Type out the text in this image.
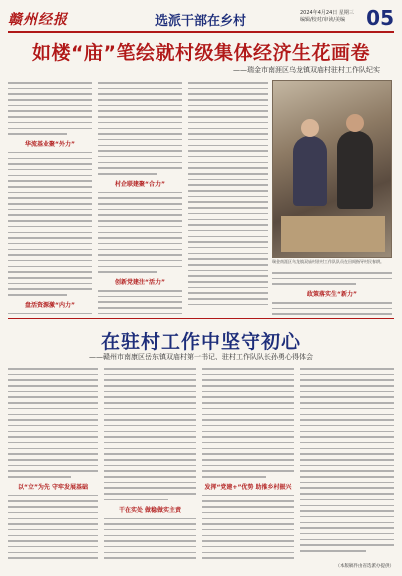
赣州经报	选派干部在乡村
2024年4月24日 星期三
编辑/校对/审读/美编	05
如楼“庙”笔绘就村级集体经济生花画卷
——瑞金市南涯区乌龙镇双庙村驻村工作队纪实
华流基业聚“外力”
盘活资源激“内力”
村企联建聚“合力”
创新党建注“活力”
瑞金南涯区乌龙镇双庙村驻村工作队队员在田间指导村民春耕。
政策落实生“新力”
在驻村工作中坚守初心
——赣州市南康区岳东镇双庙村第一书记、驻村工作队队长孙勇心得体会
以“立”为先 守牢发展基础
干在实处 做稳做实主责
发挥“党建+”优势 助推乡村振兴
（本版稿件由省选派办提供）
